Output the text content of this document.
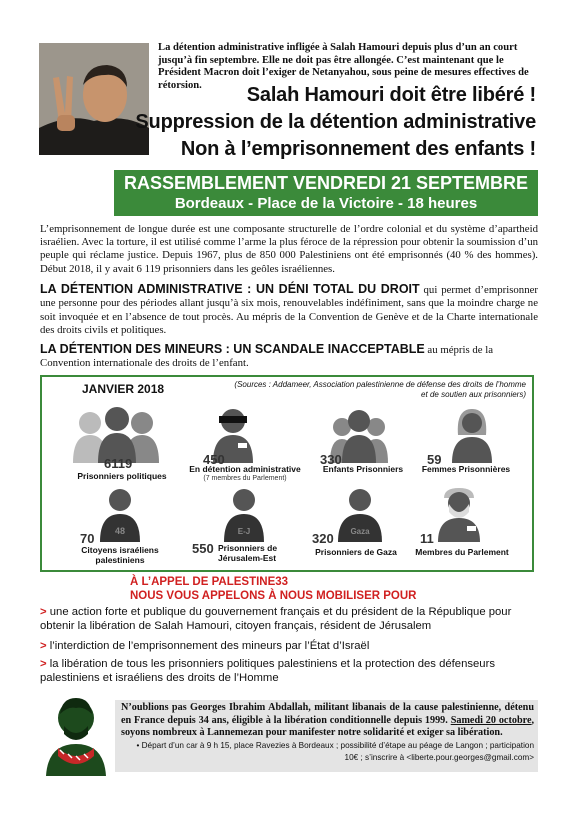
La détention administrative infligée à Salah Hamouri depuis plus d’un an court jusqu’à fin septembre. Elle ne doit pas être allongée. C’est maintenant que le Président Macron doit l’exiger de Netanyahou, sous peine de mesures effectives de rétorsion.	Salah Hamouri doit être libéré !
Suppression de la détention administrative
Non à l’emprisonnement des enfants !
RASSEMBLEMENT VENDREDI 21 SEPTEMBRE
Bordeaux - Place de la Victoire - 18 heures
L’emprisonnement de longue durée est une composante structurelle de l’ordre colonial et du système d’apartheid israélien. Avec la torture, il est utilisé comme l’arme la plus féroce de la répression pour obtenir la soumission d’un peuple qui réclame justice. Depuis 1967, plus de 850 000 Palestiniens ont été emprisonnés (40 % des hommes). Début 2018, il y avait 6 119 prisonniers dans les geôles israéliennes.
LA DÉTENTION ADMINISTRATIVE : UN DÉNI TOTAL DU DROIT qui permet d’emprisonner une personne pour des périodes allant jusqu’à six mois, renouvelables indéfiniment, sans que la moindre charge ne soit invoquée et en l’absence de tout procès. Au mépris de la Convention de Genève et de la Charte internationale des droits civils et politiques.
LA DÉTENTION DES MINEURS : UN SCANDALE INACCEPTABLE au mépris de la Convention internationale des droits de l’enfant.
JANVIER 2018	(Sources : Addameer, Association palestinienne de défense des droits de l’homme et de soutien aux prisonniers)
6119
Prisonniers politiques
450
En détention administrative
(7 membres du Parlement)
330
Enfants Prisonniers
59
Femmes Prisonnières
48	E-J	Gaza
70
Citoyens israéliens palestiniens
550 Prisonniers de Jérusalem-Est
320
Prisonniers de Gaza
11
Membres du Parlement
À L’APPEL DE PALESTINE33
NOUS VOUS APPELONS À NOUS MOBILISER POUR
> une action forte et publique du gouvernement français et du président de la République pour obtenir la libération de Salah Hamouri, citoyen français, résident de Jérusalem
> l’interdiction de l’emprisonnement des mineurs par l’État d’Israël
> la libération de tous les prisonniers politiques palestiniens et la protection des défenseurs palestiniens et israéliens des droits de l’Homme
N’oublions pas Georges Ibrahim Abdallah, militant libanais de la cause palestinienne, détenu en France depuis 34 ans, éligible à la libération conditionnelle depuis 1999. Samedi 20 octobre, soyons nombreux à Lannemezan pour manifester notre solidarité et exiger sa libération.
• Départ d’un car à 9 h 15, place Ravezies à Bordeaux ; possibilité d’étape au péage de Langon ; participation 10€ ; s’inscrire à <liberte.pour.georges@gmail.com>
